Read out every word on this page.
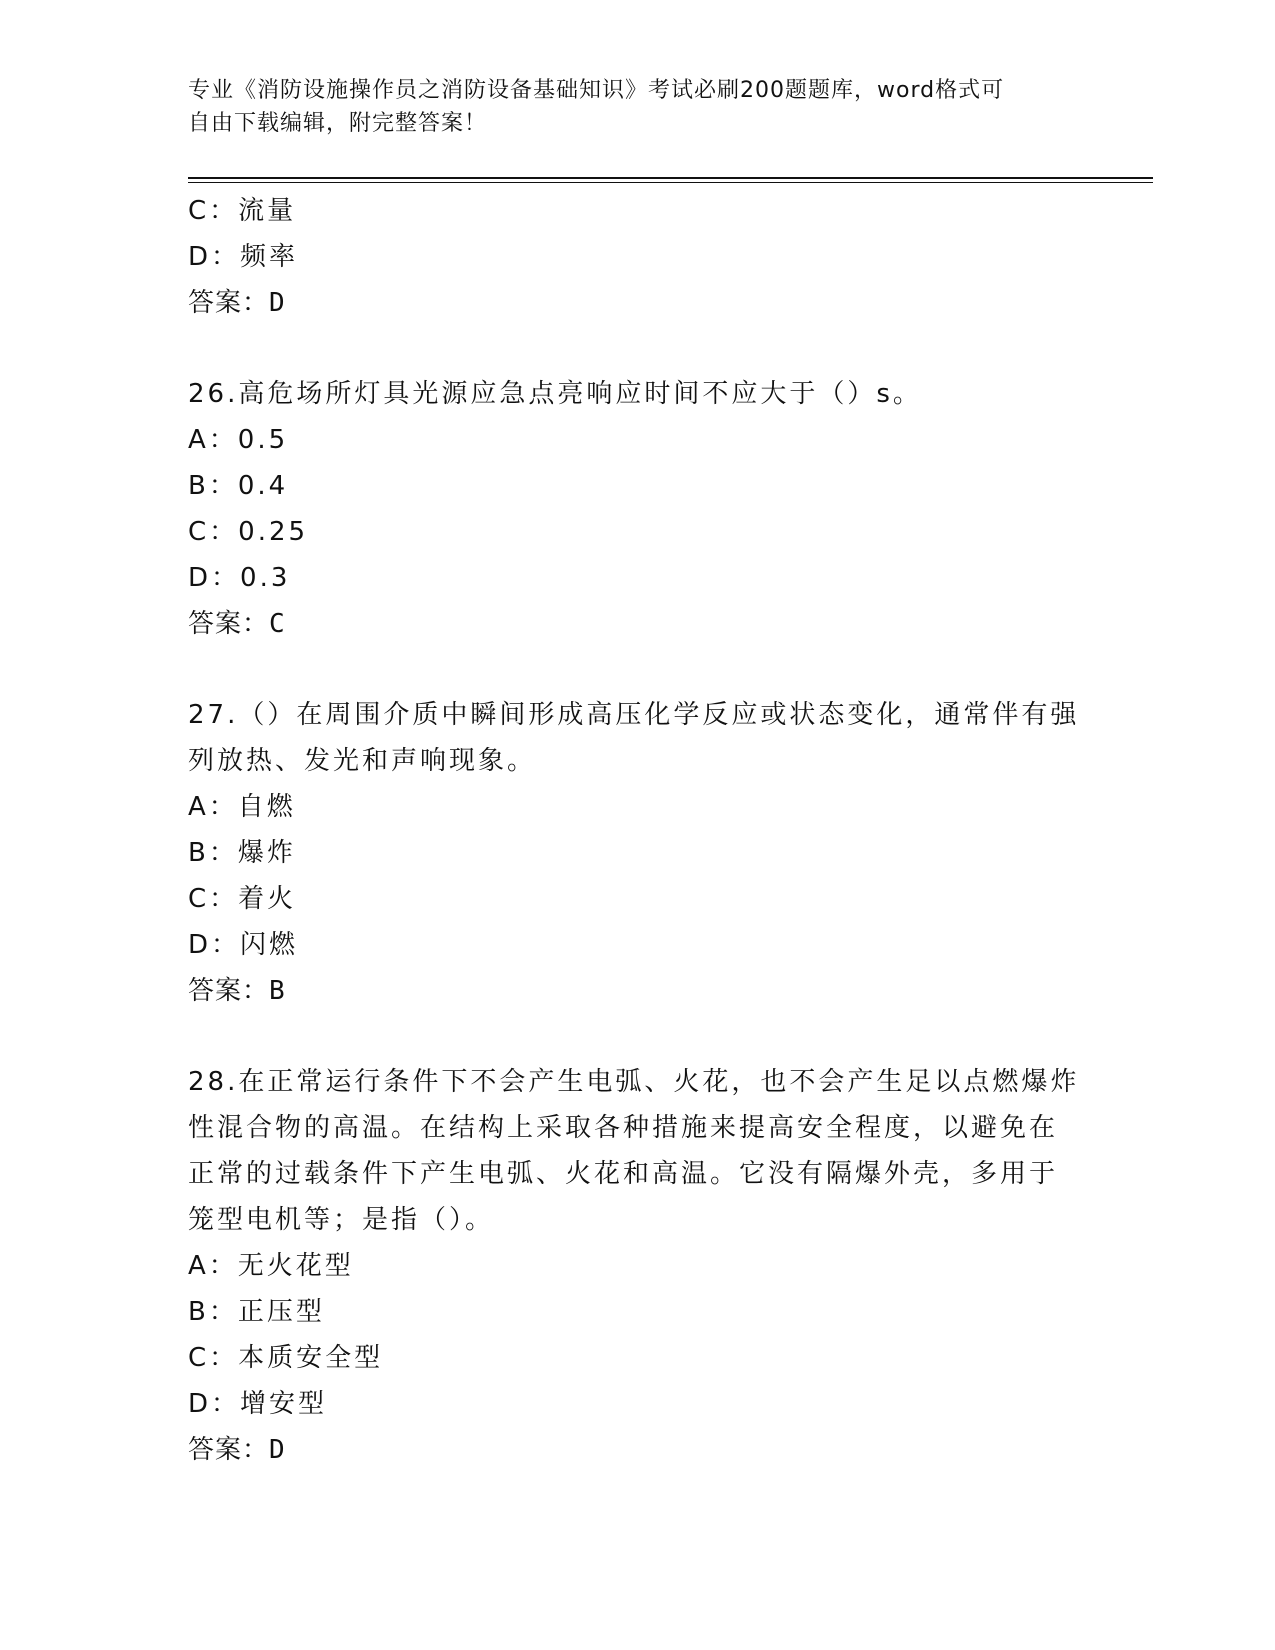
专业《消防设施操作员之消防设备基础知识》考试必刷200题题库，word格式可
自由下载编辑，附完整答案！
C：流量
D：频率
答案：D
26.高危场所灯具光源应急点亮响应时间不应大于（）s。
A：0.5
B：0.4
C：0.25
D：0.3
答案：C
27.（）在周围介质中瞬间形成高压化学反应或状态变化，通常伴有强
列放热、发光和声响现象。
A：自燃
B：爆炸
C：着火
D：闪燃
答案：B
28.在正常运行条件下不会产生电弧、火花，也不会产生足以点燃爆炸
性混合物的高温。在结构上采取各种措施来提高安全程度，以避免在
正常的过载条件下产生电弧、火花和高温。它没有隔爆外壳，多用于
笼型电机等；是指（）。
A：无火花型
B：正压型
C：本质安全型
D：增安型
答案：D
